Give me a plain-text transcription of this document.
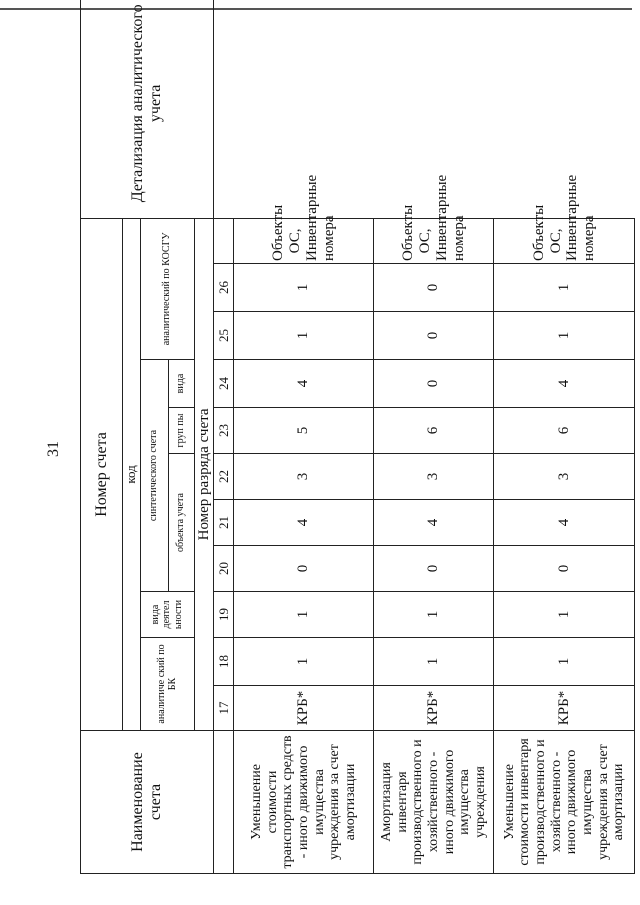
31
Наименование счета	Номер счета											Детализация аналитического учета
	код											
	аналитиче ский по БК		вида деятел ьности	синтетического счета					аналитический по КОСГУ			
				объекта учета			груп пы	вида				
	Номер разряда счета											
	17	18	19	20	21	22	23	24	25	26		
Уменьшение стоимости транспортных средств - иного движимого имущества учреждения за счет амортизации	КРБ*	1	1	0	4	3	5	4	1	1	Объекты ОС, Инвентарные номера	
Амортизация инвентаря производственного и хозяйственного - иного движимого имущества учреждения	КРБ*	1	1	0	4	3	6	0	0	0	Объекты ОС, Инвентарные номера	
Уменьшение стоимости инвентаря производственного и хозяйственного - иного движимого имущества учреждения за счет амортизации	КРБ*	1	1	0	4	3	6	4	1	1	Объекты ОС, Инвентарные номера	
